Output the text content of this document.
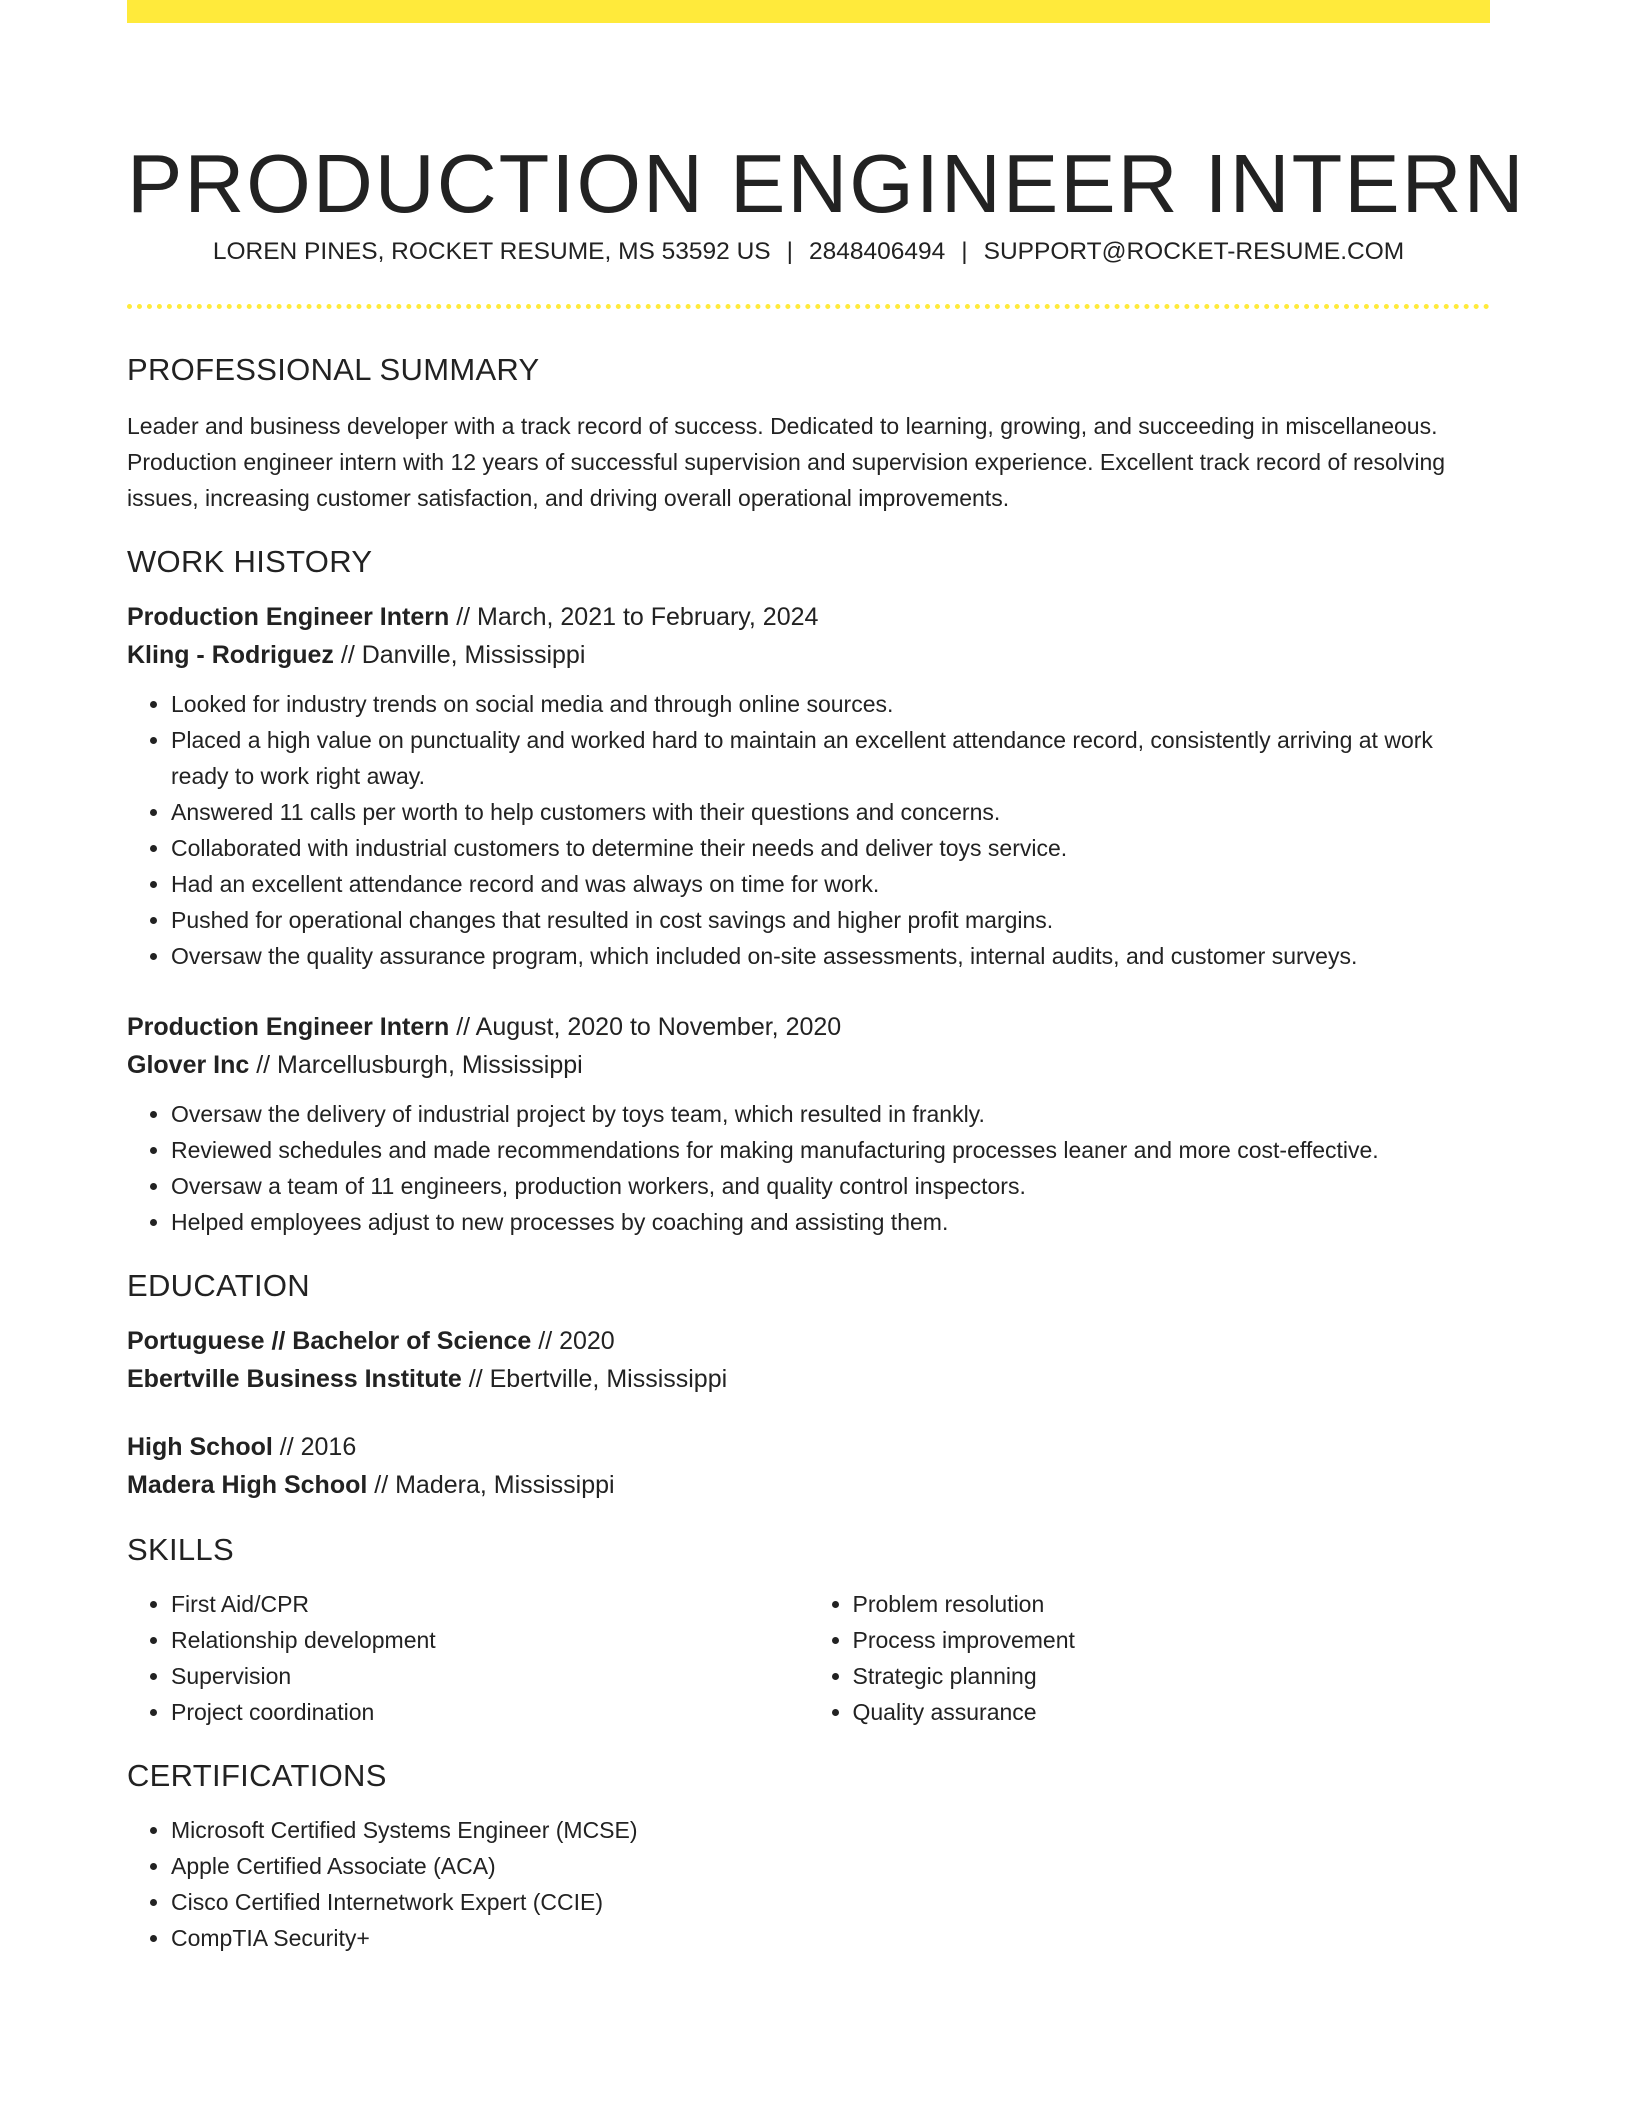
PRODUCTION ENGINEER INTERN
LOREN PINES, ROCKET RESUME, MS 53592 US | 2848406494 | SUPPORT@ROCKET-RESUME.COM
PROFESSIONAL SUMMARY

Leader and business developer with a track record of success. Dedicated to learning, growing, and succeeding in miscellaneous. Production engineer intern with 12 years of successful supervision and supervision experience. Excellent track record of resolving issues, increasing customer satisfaction, and driving overall operational improvements.

WORK HISTORY
Production Engineer Intern // March, 2021 to February, 2024
Kling - Rodriguez // Danville, Mississippi
• Looked for industry trends on social media and through online sources.
• Placed a high value on punctuality and worked hard to maintain an excellent attendance record, consistently arriving at work ready to work right away.
• Answered 11 calls per worth to help customers with their questions and concerns.
• Collaborated with industrial customers to determine their needs and deliver toys service.
• Had an excellent attendance record and was always on time for work.
• Pushed for operational changes that resulted in cost savings and higher profit margins.
• Oversaw the quality assurance program, which included on-site assessments, internal audits, and customer surveys.
Production Engineer Intern // August, 2020 to November, 2020
Glover Inc // Marcellusburgh, Mississippi
• Oversaw the delivery of industrial project by toys team, which resulted in frankly.
• Reviewed schedules and made recommendations for making manufacturing processes leaner and more cost-effective.
• Oversaw a team of 11 engineers, production workers, and quality control inspectors.
• Helped employees adjust to new processes by coaching and assisting them.
EDUCATION
Portuguese // Bachelor of Science // 2020
Ebertville Business Institute // Ebertville, Mississippi
High School // 2016
Madera High School // Madera, Mississippi
SKILLS
• First Aid/CPR
• Relationship development
• Supervision
• Project coordination
• Problem resolution
• Process improvement
• Strategic planning
• Quality assurance
CERTIFICATIONS
• Microsoft Certified Systems Engineer (MCSE)
• Apple Certified Associate (ACA)
• Cisco Certified Internetwork Expert (CCIE)
• CompTIA Security+
